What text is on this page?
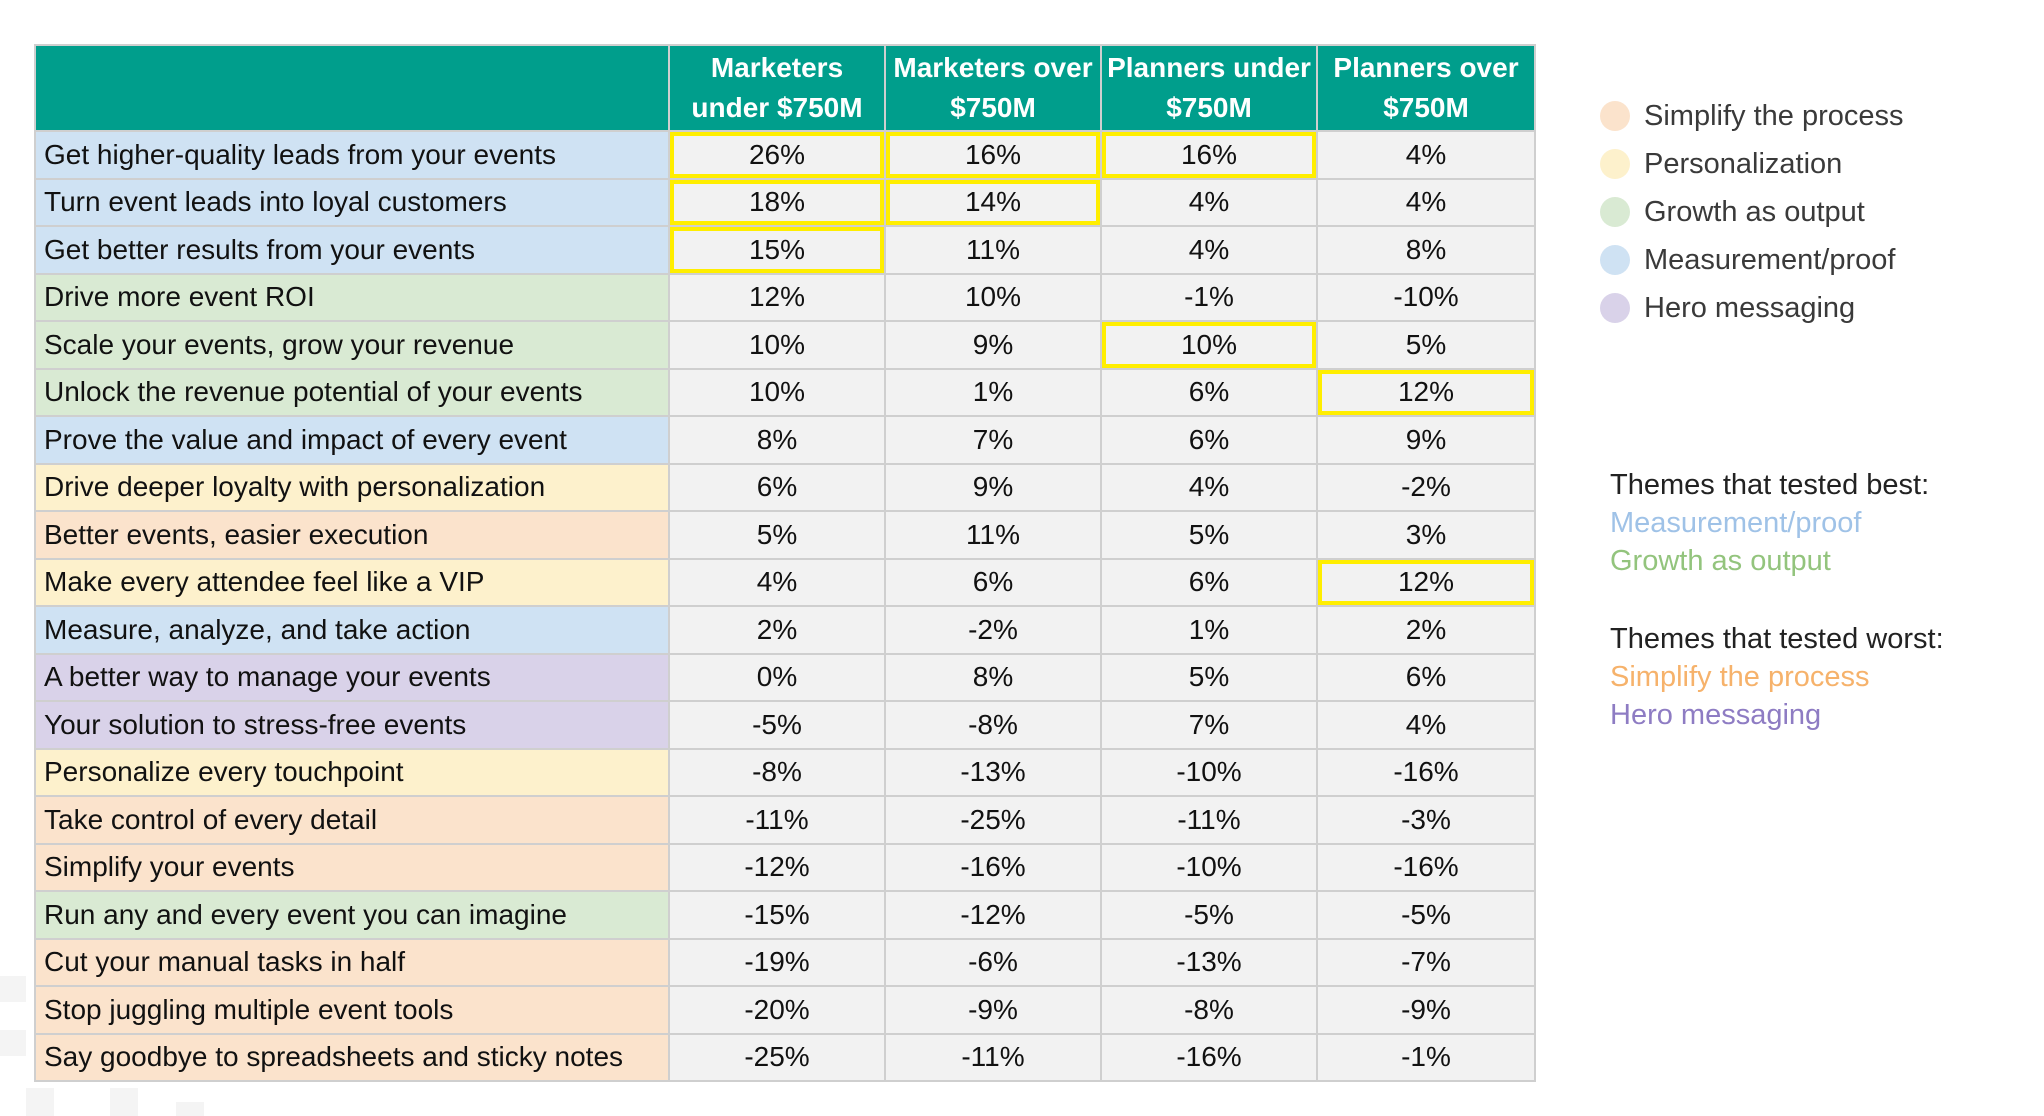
	Marketers under $750M	Marketers over $750M	Planners under $750M	Planners over $750M
Get higher-quality leads from your events	26%	16%	16%	4%
Turn event leads into loyal customers	18%	14%	4%	4%
Get better results from your events	15%	11%	4%	8%
Drive more event ROI	12%	10%	-1%	-10%
Scale your events, grow your revenue	10%	9%	10%	5%
Unlock the revenue potential of your events	10%	1%	6%	12%
Prove the value and impact of every event	8%	7%	6%	9%
Drive deeper loyalty with personalization	6%	9%	4%	-2%
Better events, easier execution	5%	11%	5%	3%
Make every attendee feel like a VIP	4%	6%	6%	12%
Measure, analyze, and take action	2%	-2%	1%	2%
A better way to manage your events	0%	8%	5%	6%
Your solution to stress-free events	-5%	-8%	7%	4%
Personalize every touchpoint	-8%	-13%	-10%	-16%
Take control of every detail	-11%	-25%	-11%	-3%
Simplify your events	-12%	-16%	-10%	-16%
Run any and every event you can imagine	-15%	-12%	-5%	-5%
Cut your manual tasks in half	-19%	-6%	-13%	-7%
Stop juggling multiple event tools	-20%	-9%	-8%	-9%
Say goodbye to spreadsheets and sticky notes	-25%	-11%	-16%	-1%
Simplify the process
Personalization
Growth as output
Measurement/proof
Hero messaging
Themes that tested best:
Measurement/proof
Growth as output
Themes that tested worst:
Simplify the process
Hero messaging
